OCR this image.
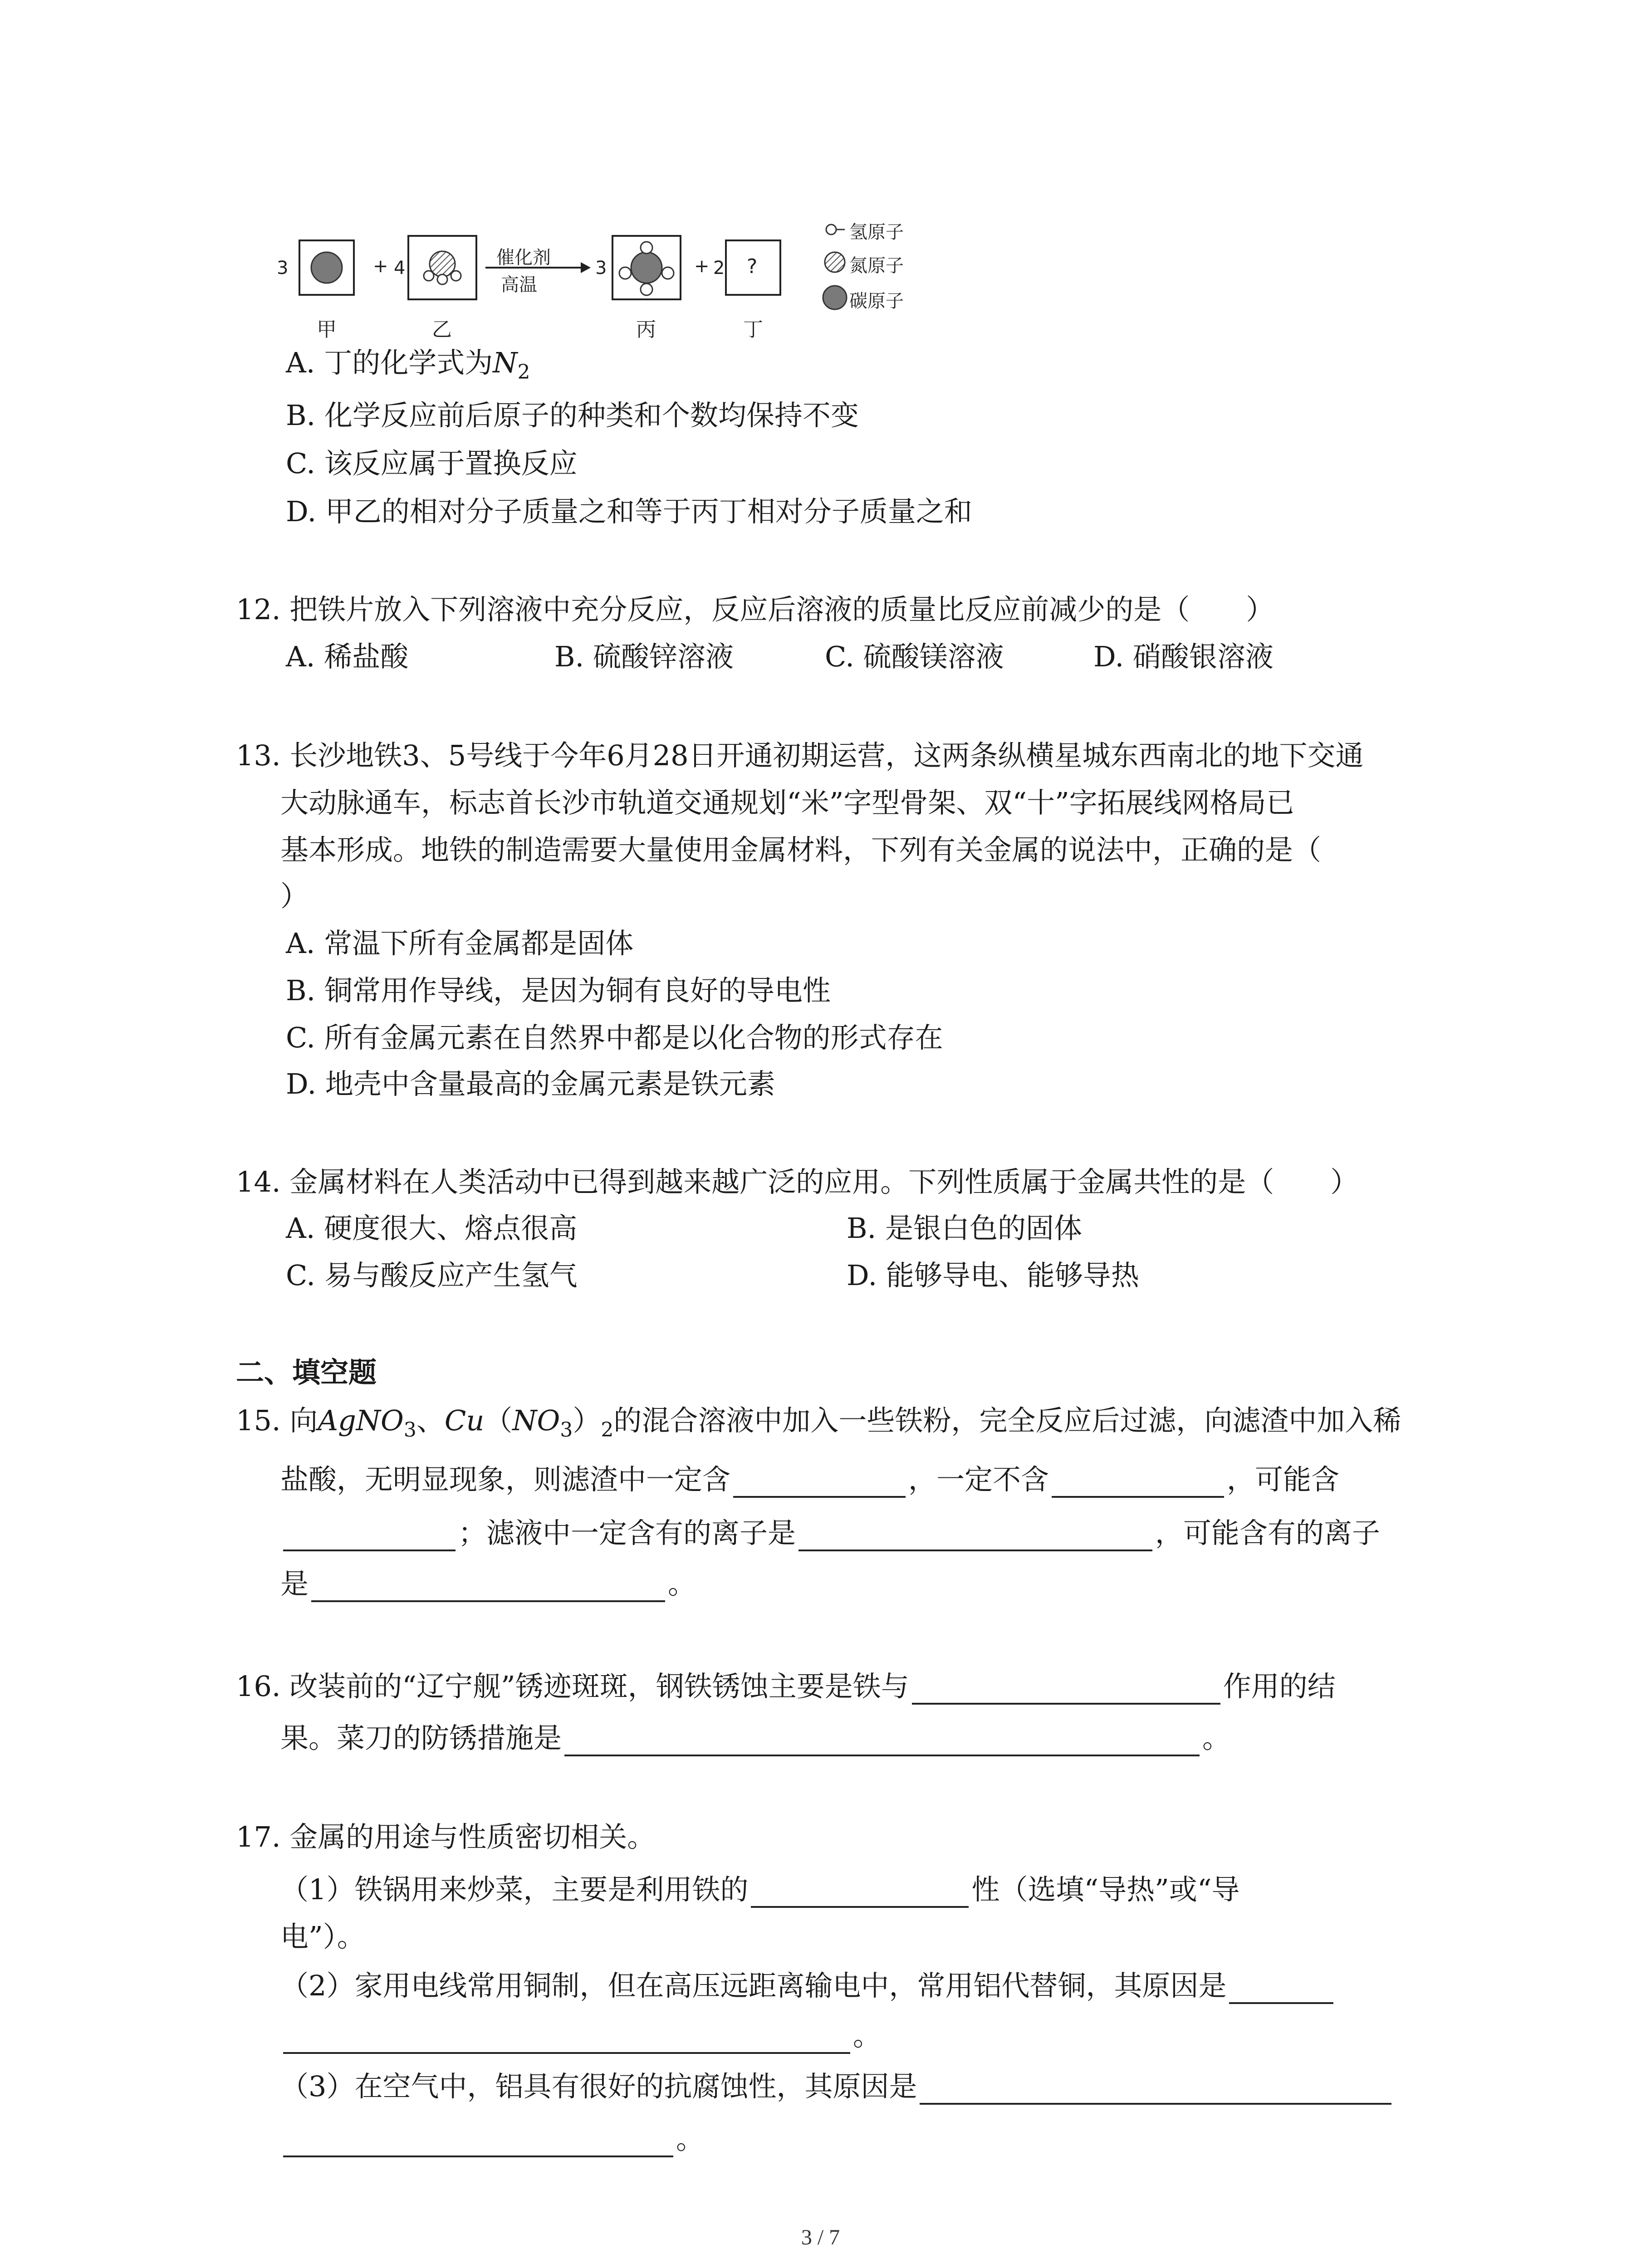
3	+ 4	催化剂
高温
3	+ 2 ?
甲	乙	丙	丁
氢原子
氮原子
碳原子
A. 丁的化学式为$N_2$
B. 化学反应前后原子的种类和个数均保持不变
C. 该反应属于置换反应
D. 甲乙的相对分子质量之和等于丙丁相对分子质量之和
12. 把铁片放入下列溶液中充分反应，反应后溶液的质量比反应前减少的是（　　）
A. 稀盐酸	B. 硫酸锌溶液	C. 硫酸镁溶液	D. 硝酸银溶液
13. 长沙地铁3、5号线于今年6月28日开通初期运营，这两条纵横星城东西南北的地下交通
大动脉通车，标志首长沙市轨道交通规划“米”字型骨架、双“十”字拓展线网格局已
基本形成。地铁的制造需要大量使用金属材料，下列有关金属的说法中，正确的是（
）
A. 常温下所有金属都是固体
B. 铜常用作导线，是因为铜有良好的导电性
C. 所有金属元素在自然界中都是以化合物的形式存在
D. 地壳中含量最高的金属元素是铁元素
14. 金属材料在人类活动中已得到越来越广泛的应用。下列性质属于金属共性的是（　　）
A. 硬度很大、熔点很高	B. 是银白色的固体
C. 易与酸反应产生氢气	D. 能够导电、能够导热
二、填空题
15. 向AgNO$_3$、$Cu(NO_3)_2$的混合溶液中加入一些铁粉，完全反应后过滤，向滤渣中加入稀
盐酸，无明显现象，则滤渣中一定含	，一定不含	，可能含
；滤液中一定含有的离子是	，可能含有的离子
是	。
16. 改装前的“辽宁舰”锈迹斑斑，钢铁锈蚀主要是铁与	作用的结
果。菜刀的防锈措施是	。
17. 金属的用途与性质密切相关。
（1）铁锅用来炒菜，主要是利用铁的	性（选填“导热”或“导
电”）。
（2）家用电线常用铜制，但在高压远距离输电中，常用铝代替铜，其原因是
。
（3）在空气中，铝具有很好的抗腐蚀性，其原因是
。
3 / 7
